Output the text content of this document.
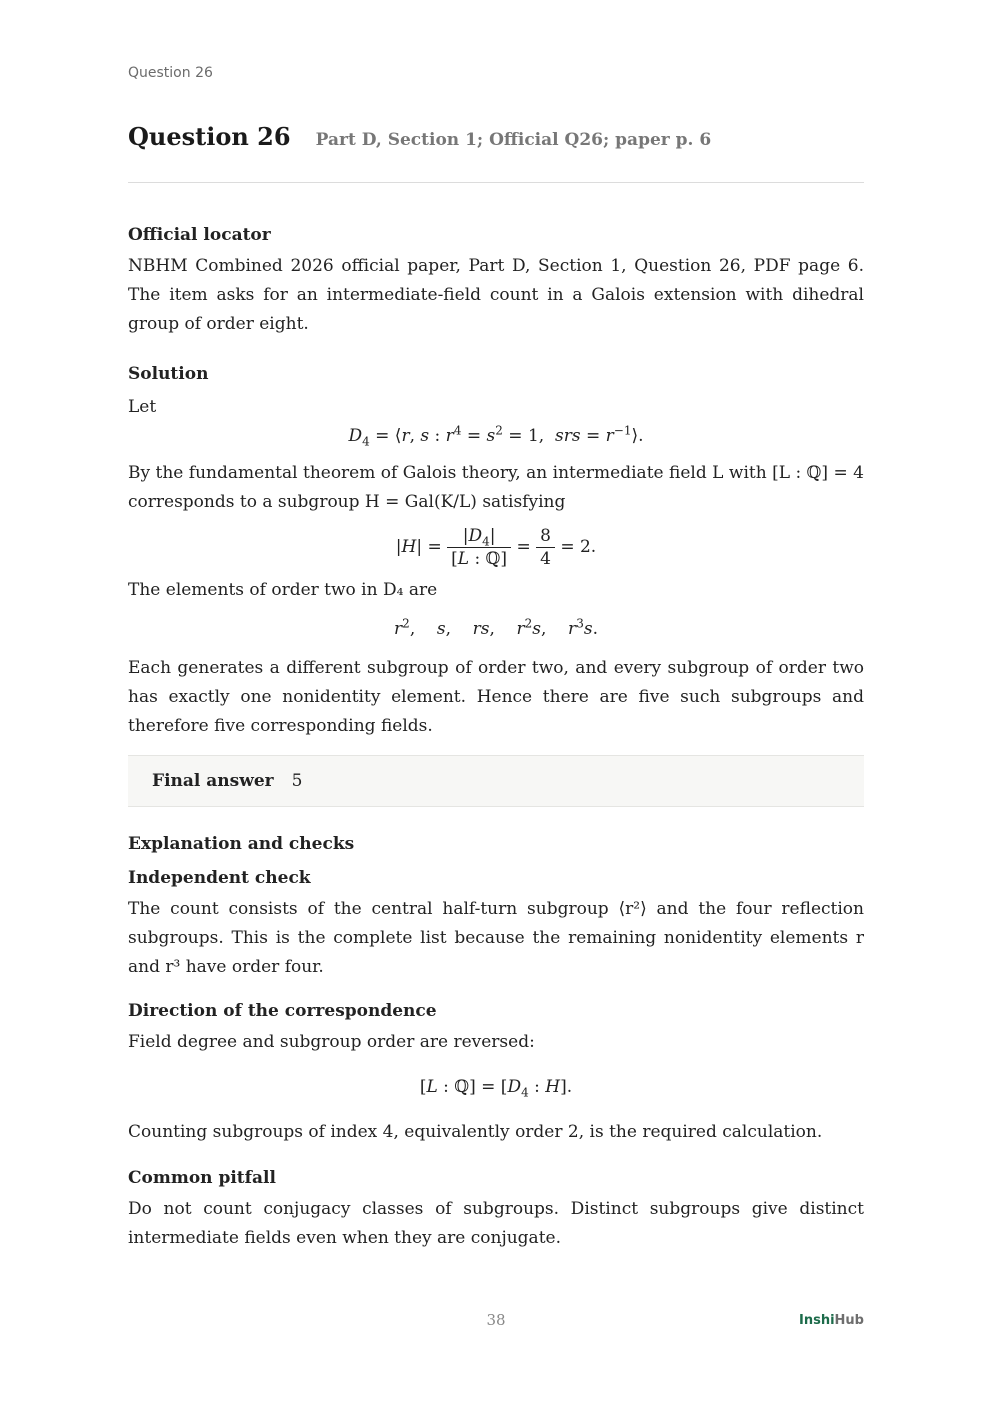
Question 26
Question 26 Part D, Section 1; Official Q26; paper p. 6
Official locator

NBHM Combined 2026 official paper, Part D, Section 1, Question 26, PDF page 6. The item asks for an intermediate-field count in a Galois extension with dihedral group of order eight.

Solution

Let

$D_4$ = ⟨r, s : $r^4 = s^2 = 1$,  srs = $r^{-1}⟩$.

By the fundamental theorem of Galois theory, an intermediate field L with [L : ℚ] = 4 corresponds to a subgroup H = Gal(K/L) satisfying

$|H| = \frac{|D_4|}{\text{[L : ℚ]}} = \frac{8}{4} = 2$.

The elements of order two in D₄ are

$r^2$,    s,    rs,    $r^2s$,    $r^3s$.

Each generates a different subgroup of order two, and every subgroup of order two has exactly one nonidentity element. Hence there are five such subgroups and therefore five corresponding fields.

Final answer 5
Explanation and checks
Independent check

The count consists of the central half-turn subgroup ⟨r²⟩ and the four reflection subgroups. This is the complete list because the remaining nonidentity elements r and r³ have order four.

Direction of the correspondence

Field degree and subgroup order are reversed:

[L : ℚ] = [$D_4$ : H].

Counting subgroups of index 4, equivalently order 2, is the required calculation.

Common pitfall

Do not count conjugacy classes of subgroups. Distinct subgroups give distinct intermediate fields even when they are conjugate.

38	InshiHub
